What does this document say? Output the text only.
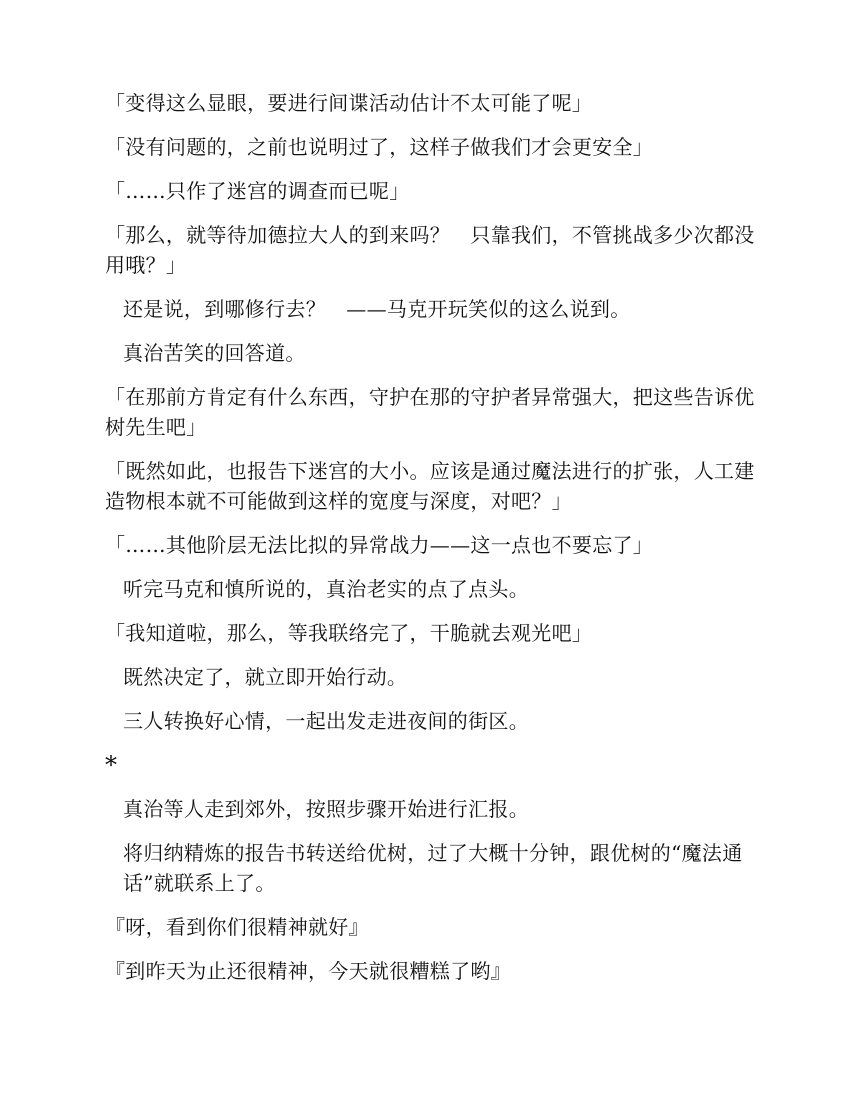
「变得这么显眼，要进行间谍活动估计不太可能了呢」

「没有问题的，之前也说明过了，这样子做我们才会更安全」

「……只作了迷宫的调查而已呢」

「那么，就等待加德拉大人的到来吗？　只靠我们，不管挑战多少次都没用哦？」

还是说，到哪修行去？　——马克开玩笑似的这么说到。

真治苦笑的回答道。

「在那前方肯定有什么东西，守护在那的守护者异常强大，把这些告诉优树先生吧」

「既然如此，也报告下迷宫的大小。应该是通过魔法进行的扩张，人工建造物根本就不可能做到这样的宽度与深度，对吧？」

「……其他阶层无法比拟的异常战力——这一点也不要忘了」

听完马克和慎所说的，真治老实的点了点头。

「我知道啦，那么，等我联络完了，干脆就去观光吧」

既然决定了，就立即开始行动。

三人转换好心情，一起出发走进夜间的街区。

*

真治等人走到郊外，按照步骤开始进行汇报。

将归纳精炼的报告书转送给优树，过了大概十分钟，跟优树的“魔法通话”就联系上了。

『呀，看到你们很精神就好』

『到昨天为止还很精神，今天就很糟糕了哟』
